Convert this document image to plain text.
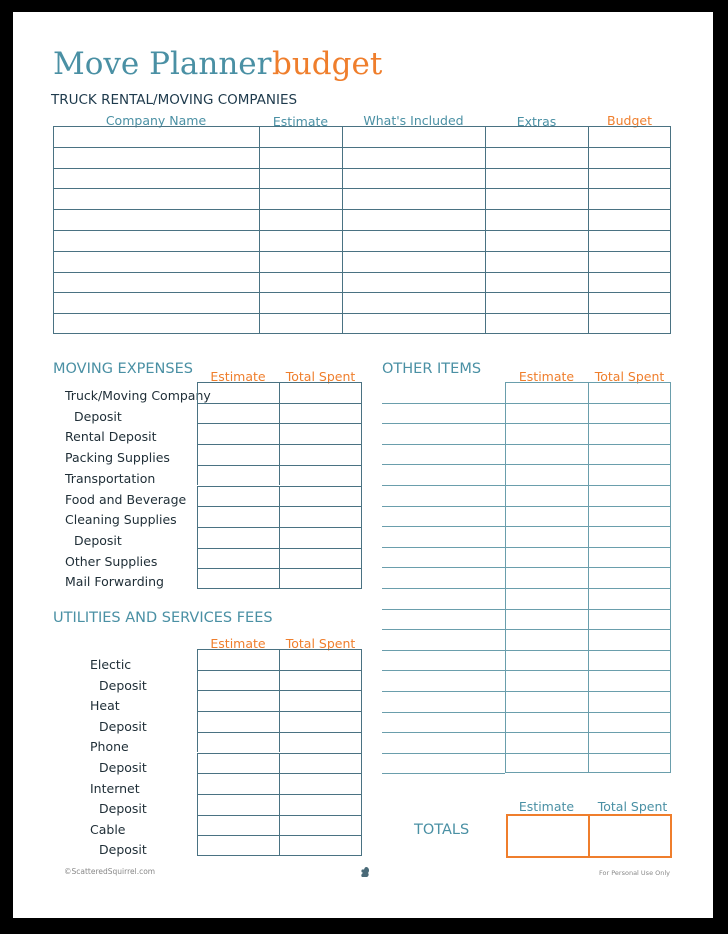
Move Planner budget
TRUCK RENTAL/MOVING COMPANIES
Company Name	Estimate	What's Included	Extras	Budget
MOVING EXPENSES	Estimate	Total Spent
Truck/Moving Company
Deposit
Rental Deposit
Packing Supplies
Transportation
Food and Beverage
Cleaning Supplies
Deposit
Other Supplies
Mail Forwarding
UTILITIES AND SERVICES FEES
Estimate	Total Spent
Electic
Deposit
Heat
Deposit
Phone
Deposit
Internet
Deposit
Cable
Deposit
OTHER ITEMS	Estimate	Total Spent
Estimate	Total Spent
TOTALS
©ScatteredSquirrel.com	For Personal Use Only
